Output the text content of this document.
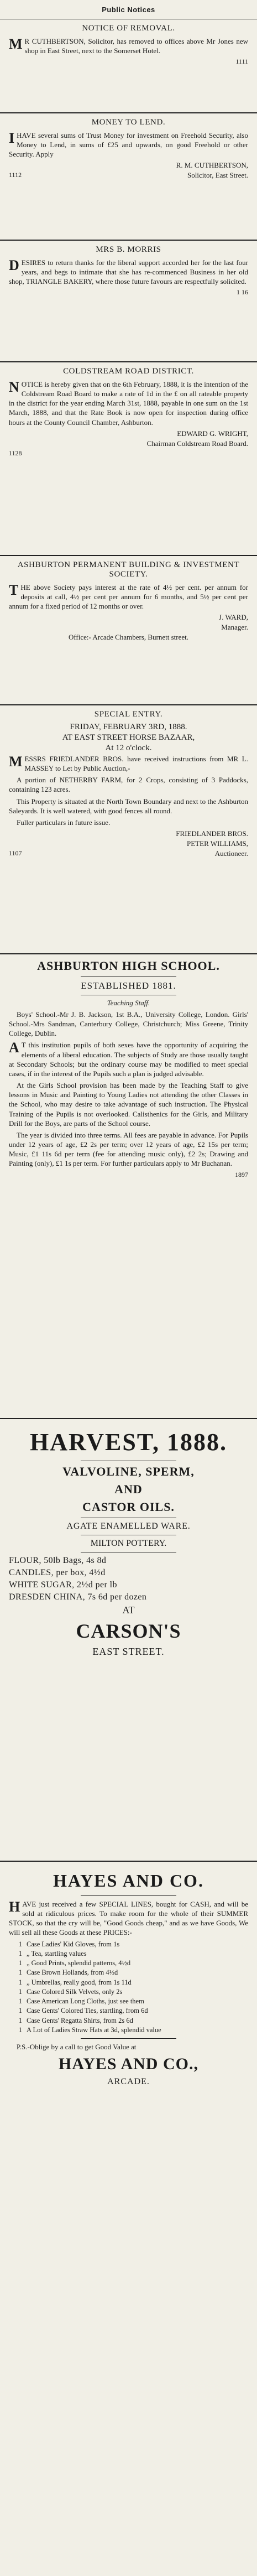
Public Notices
NOTICE OF REMOVAL.

MR CUTHBERTSON, Solicitor, has removed to offices above Mr Jones new shop in East Street, next to the Somerset Hotel.

1111
MONEY TO LEND.

IHAVE several sums of Trust Money for investment on Freehold Security, also Money to Lend, in sums of £25 and upwards, on good Freehold or other Security. Apply

R. M. CUTHBERTSON,
1112	Solicitor, East Street.
MRS B. MORRIS

DESIRES to return thanks for the liberal support accorded her for the last four years, and begs to intimate that she has re-commenced Business in her old shop, TRIANGLE BAKERY, where those future favours are respectfully solicited.

1 16
COLDSTREAM ROAD DISTRICT.

NOTICE is hereby given that on the 6th February, 1888, it is the intention of the Coldstream Road Board to make a rate of 1d in the £ on all rateable property in the district for the year ending March 31st, 1888, payable in one sum on the 1st March, 1888, and that the Rate Book is now open for inspection during office hours at the County Council Chamber, Ashburton.

EDWARD G. WRIGHT,
Chairman Coldstream Road Board.
1128
ASHBURTON PERMANENT BUILDING & INVESTMENT SOCIETY.

THE above Society pays interest at the rate of 4½ per cent. per annum for deposits at call, 4½ per cent per annum for 6 months, and 5½ per cent per annum for a fixed period of 12 months or over.

J. WARD,
Manager.
Office:- Arcade Chambers, Burnett street.
SPECIAL ENTRY.
FRIDAY, FEBRUARY 3RD, 1888.
AT EAST STREET HORSE BAZAAR,
At 12 o'clock.

MESSRS FRIEDLANDER BROS. have received instructions from MR L. MASSEY to Let by Public Auction,-

A portion of NETHERBY FARM, for 2 Crops, consisting of 3 Paddocks, containing 123 acres.

This Property is situated at the North Town Boundary and next to the Ashburton Saleyards. It is well watered, with good fences all round.

Fuller particulars in future issue.

FRIEDLANDER BROS.
PETER WILLIAMS,
1107	Auctioneer.
ASHBURTON HIGH SCHOOL.
ESTABLISHED 1881.
Teaching Staff.

Boys' School.-Mr J. B. Jackson, 1st B.A., University College, London. Girls' School.-Mrs Sandman, Canterbury College, Christchurch; Miss Greene, Trinity College, Dublin.

AT this institution pupils of both sexes have the opportunity of acquiring the elements of a liberal education. The subjects of Study are those usually taught at Secondary Schools; but the ordinary course may be modified to meet special cases, if in the interest of the Pupils such a plan is judged advisable.

At the Girls School provision has been made by the Teaching Staff to give lessons in Music and Painting to Young Ladies not attending the other Classes in the School, who may desire to take advantage of such instruction. The Physical Training of the Pupils is not overlooked. Calisthenics for the Girls, and Military Drill for the Boys, are parts of the School course.

The year is divided into three terms. All fees are payable in advance. For Pupils under 12 years of age, £2 2s per term; over 12 years of age, £2 15s per term; Music, £1 11s 6d per term (fee for attending music only), £2 2s; Drawing and Painting (only), £1 1s per term. For further particulars apply to Mr Buchanan.

1897
HARVEST, 1888.
VALVOLINE, SPERM,
AND
CASTOR OILS.
AGATE ENAMELLED WARE.
MILTON POTTERY.
FLOUR, 50lb Bags, 4s 8d
CANDLES, per box, 4½d
WHITE SUGAR, 2½d per lb
DRESDEN CHINA, 7s 6d per dozen
AT
CARSON'S
EAST STREET.
HAYES AND CO.

HAVE just received a few SPECIAL LINES, bought for CASH, and will be sold at ridiculous prices. To make room for the whole of their SUMMER STOCK, so that the cry will be, "Good Goods cheap," and as we have Goods, We will sell all these Goods at these PRICES:-

1 Case Ladies' Kid Gloves, from 1s
1 „ Tea, startling values
1 „ Good Prints, splendid patterns, 4½d
1 Case Brown Hollands, from 4½d
1 „ Umbrellas, really good, from 1s 11d
1 Case Colored Silk Velvets, only 2s
1 Case American Long Cloths, just see them
1 Case Gents' Colored Ties, startling, from 6d
1 Case Gents' Regatta Shirts, from 2s 6d
1 A Lot of Ladies Straw Hats at 3d, splendid value

P.S.-Oblige by a call to get Good Value at

HAYES AND CO.,
ARCADE.
